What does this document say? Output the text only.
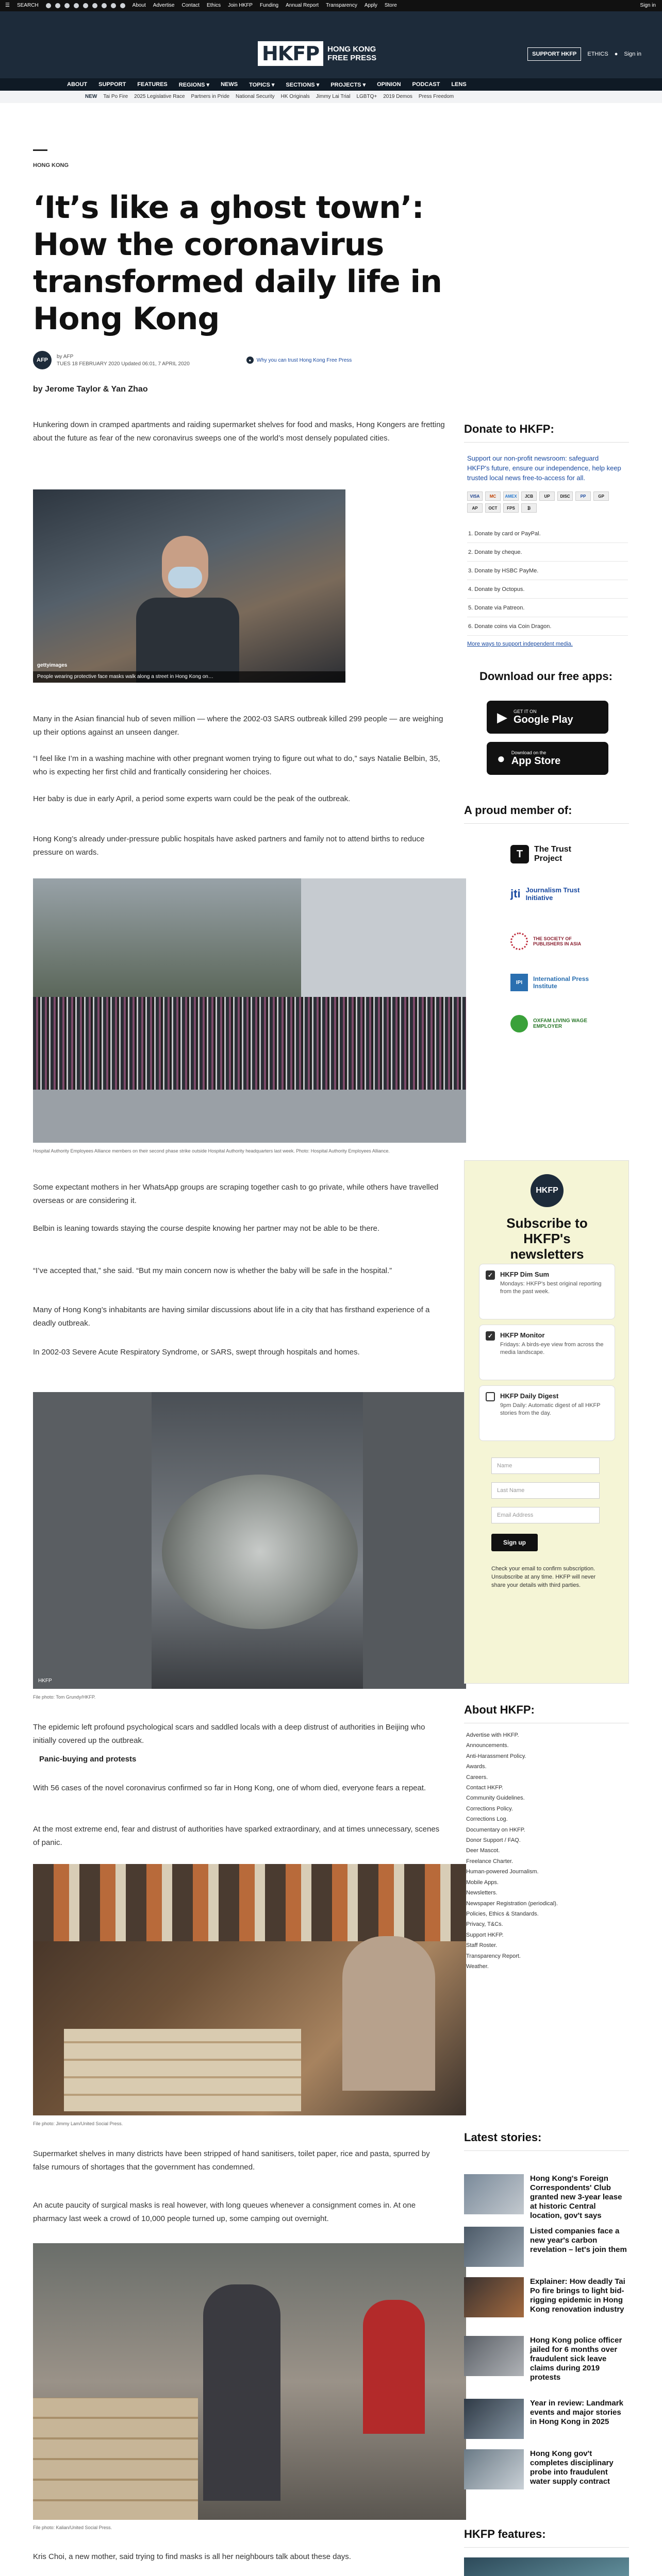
☰ SEARCH	About Advertise Contact Ethics Join HKFP Funding Annual Report Transparency Apply Store	Sign in
HKFP	HONG KONG
FREE PRESS	SUPPORT HKFP	ETHICS ● Sign in
ABOUT SUPPORT FEATURES REGIONS ▾ NEWS TOPICS ▾ SECTIONS ▾ PROJECTS ▾ OPINION PODCAST LENS
NEW Tai Po Fire 2025 Legislative Race Partners in Pride National Security HK Originals Jimmy Lai Trial LGBTQ+ 2019 Demos Press Freedom
HONG KONG
‘It’s like a ghost town’: How the coronavirus transformed daily life in Hong Kong
AFP
by AFP
TUES 18 FEBRUARY 2020 Updated 06:01, 7 APRIL 2020
●	Why you can trust Hong Kong Free Press
by Jerome Taylor & Yan Zhao

Hunkering down in cramped apartments and raiding supermarket shelves for food and masks, Hong Kongers are fretting about the future as fear of the new coronavirus sweeps one of the world’s most densely populated cities.

People wearing protective face masks walk along a street in Hong Kong on…
gettyimages

Many in the Asian financial hub of seven million — where the 2002-03 SARS outbreak killed 299 people — are weighing up their options against an unseen danger.

“I feel like I’m in a washing machine with other pregnant women trying to figure out what to do,” says Natalie Belbin, 35, who is expecting her first child and frantically considering her choices.

Her baby is due in early April, a period some experts warn could be the peak of the outbreak.

Hong Kong’s already under-pressure public hospitals have asked partners and family not to attend births to reduce pressure on wards.

Hospital Authority Employees Alliance members on their second phase strike outside Hospital Authority headquarters last week. Photo: Hospital Authority Employees Alliance.

Some expectant mothers in her WhatsApp groups are scraping together cash to go private, while others have travelled overseas or are considering it.

Belbin is leaning towards staying the course despite knowing her partner may not be able to be there.

“I’ve accepted that,” she said. “But my main concern now is whether the baby will be safe in the hospital.”

Many of Hong Kong’s inhabitants are having similar discussions about life in a city that has firsthand experience of a deadly outbreak.

In 2002-03 Severe Acute Respiratory Syndrome, or SARS, swept through hospitals and homes.

HKFP
File photo: Tom Grundy/HKFP.

The epidemic left profound psychological scars and saddled locals with a deep distrust of authorities in Beijing who initially covered up the outbreak.

Panic-buying and protests

With 56 cases of the novel coronavirus confirmed so far in Hong Kong, one of whom died, everyone fears a repeat.

At the most extreme end, fear and distrust of authorities have sparked extraordinary, and at times unnecessary, scenes of panic.

File photo: Jimmy Lam/United Social Press.

Supermarket shelves in many districts have been stripped of hand sanitisers, toilet paper, rice and pasta, spurred by false rumours of shortages that the government has condemned.

An acute paucity of surgical masks is real however, with long queues whenever a consignment comes in. At one pharmacy last week a crowd of 10,000 people turned up, some camping out overnight.

File photo: Kalian/United Social Press.

Kris Choi, a new mother, said trying to find masks is all her neighbours talk about these days.

Donate to HKFP:

Support our non-profit newsroom: safeguard HKFP's future, ensure our independence, help keep trusted local news free-to-access for all.

VISA	MC	AMEX	JCB	UP	DISC	PP	GP
AP	OCT	FPS	₿
1. Donate by card or PayPal.
2. Donate by cheque.
3. Donate by HSBC PayMe.
4. Donate by Octopus.
5. Donate via Patreon.
6. Donate coins via Coin Dragon.
More ways to support independent media.
Download our free apps:
▶ GET IT ON
Google Play
● Download on the
App Store
A proud member of:
T	The Trust Project
jti Journalism Trust Initiative
THE SOCIETY OF PUBLISHERS IN ASIA
IPI	International Press Institute
OXFAM LIVING WAGE EMPLOYER
HKFP
Subscribe to HKFP's newsletters
✓	HKFP Dim Sum
Mondays: HKFP's best original reporting from the past week.
✓	HKFP Monitor
Fridays: A birds-eye view from across the media landscape.
HKFP Daily Digest
9pm Daily: Automatic digest of all HKFP stories from the day.
Name
Last Name
Email Address
Sign up

Check your email to confirm subscription. Unsubscribe at any time. HKFP will never share your details with third parties.

About HKFP:
Advertise with HKFP.
Announcements.
Anti-Harassment Policy.
Awards.
Careers.
Contact HKFP.
Community Guidelines.
Corrections Policy.
Corrections Log.
Documentary on HKFP.
Donor Support / FAQ.
Deer Mascot.
Freelance Charter.
Human-powered Journalism.
Mobile Apps.
Newsletters.
Newspaper Registration (periodical).
Policies, Ethics & Standards.
Privacy, T&Cs.
Support HKFP.
Staff Roster.
Transparency Report.
Weather.
Latest stories:
Hong Kong's Foreign Correspondents' Club granted new 3-year lease at historic Central location, gov't says
Listed companies face a new year's carbon revelation – let's join them
Explainer: How deadly Tai Po fire brings to light bid-rigging epidemic in Hong Kong renovation industry
Hong Kong police officer jailed for 6 months over fraudulent sick leave claims during 2019 protests
Year in review: Landmark events and major stories in Hong Kong in 2025
Hong Kong gov't completes disciplinary probe into fraudulent water supply contract
HKFP features:
